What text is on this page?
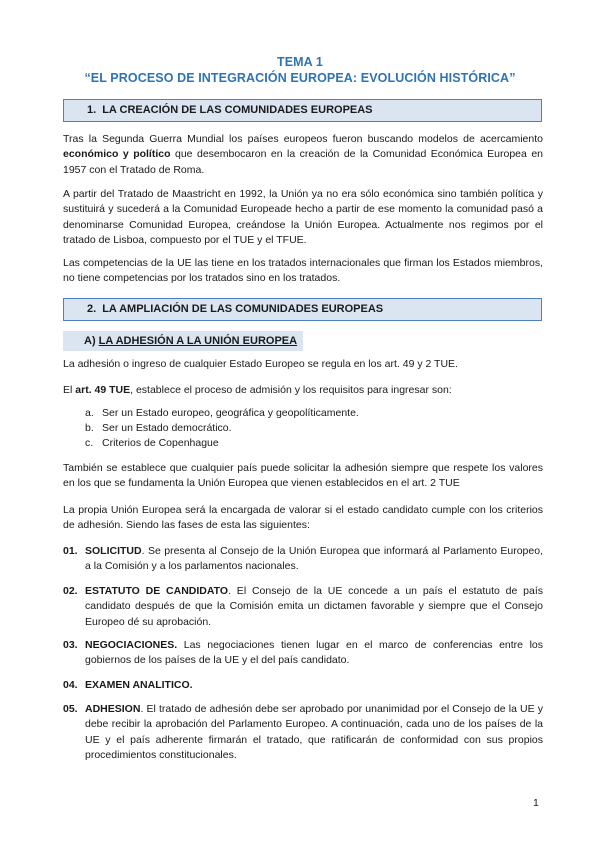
TEMA 1
“EL PROCESO DE INTEGRACIÓN EUROPEA: EVOLUCIÓN HISTÓRICA”
1. LA CREACIÓN DE LAS COMUNIDADES EUROPEAS

Tras la Segunda Guerra Mundial los países europeos fueron buscando modelos de acercamiento económico y político que desembocaron en la creación de la Comunidad Económica Europea en 1957 con el Tratado de Roma.

A partir del Tratado de Maastricht en 1992, la Unión ya no era sólo económica sino también política y sustituirá y sucederá a la Comunidad Europeade hecho a partir de ese momento la comunidad pasó a denominarse Comunidad Europea, creándose la Unión Europea. Actualmente nos regimos por el tratado de Lisboa, compuesto por el TUE y el TFUE.

Las competencias de la UE las tiene en los tratados internacionales que firman los Estados miembros, no tiene competencias por los tratados sino en los tratados.

2. LA AMPLIACIÓN DE LAS COMUNIDADES EUROPEAS
A) LA ADHESIÓN A LA UNIÓN EUROPEA

La adhesión o ingreso de cualquier Estado Europeo se regula en los art. 49 y 2 TUE.

El art. 49 TUE, establece el proceso de admisión y los requisitos para ingresar son:

a. Ser un Estado europeo, geográfica y geopolíticamente.
b. Ser un Estado democrático.
c. Criterios de Copenhague

También se establece que cualquier país puede solicitar la adhesión siempre que respete los valores en los que se fundamenta la Unión Europea que vienen establecidos en el art. 2 TUE

La propia Unión Europea será la encargada de valorar si el estado candidato cumple con los criterios de adhesión. Siendo las fases de esta las siguientes:

01. SOLICITUD. Se presenta al Consejo de la Unión Europea que informará al Parlamento Europeo, a la Comisión y a los parlamentos nacionales.
02. ESTATUTO DE CANDIDATO. El Consejo de la UE concede a un país el estatuto de país candidato después de que la Comisión emita un dictamen favorable y siempre que el Consejo Europeo dé su aprobación.
03. NEGOCIACIONES. Las negociaciones tienen lugar en el marco de conferencias entre los gobiernos de los países de la UE y el del país candidato.
04. EXAMEN ANALITICO.
05. ADHESION. El tratado de adhesión debe ser aprobado por unanimidad por el Consejo de la UE y debe recibir la aprobación del Parlamento Europeo. A continuación, cada uno de los países de la UE y el país adherente firmarán el tratado, que ratificarán de conformidad con sus propios procedimientos constitucionales.
1
